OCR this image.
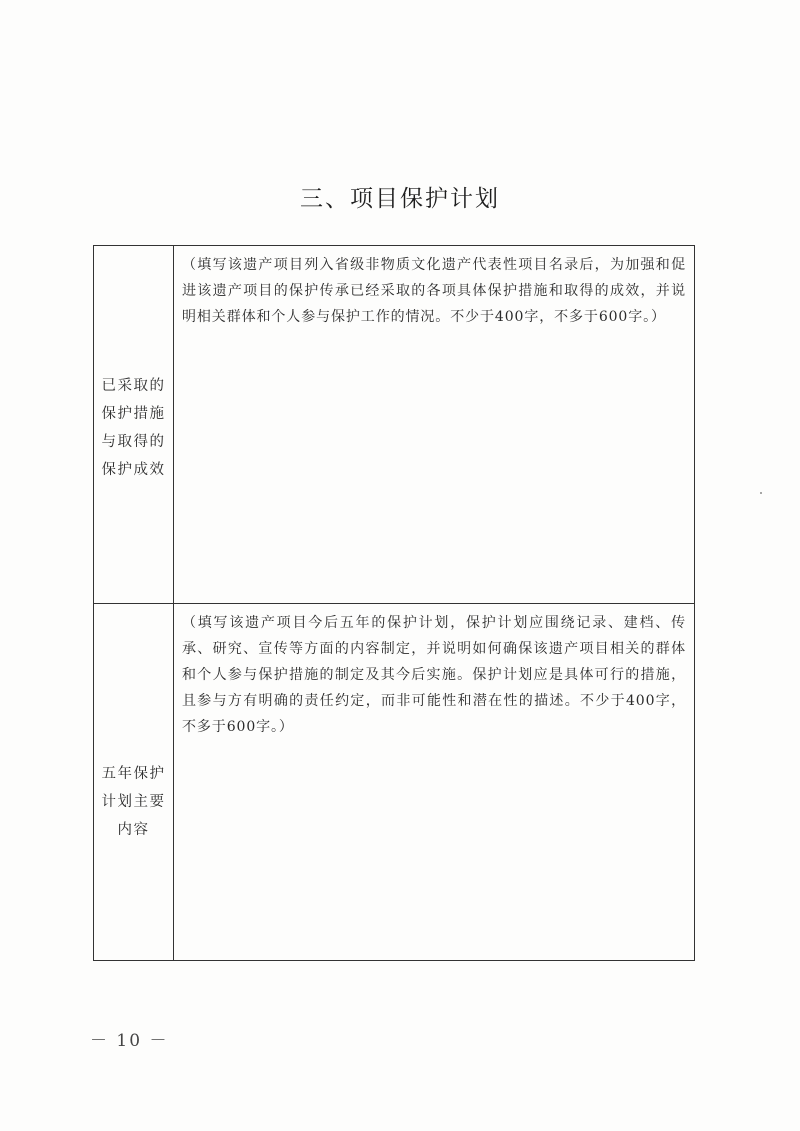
三、项目保护计划
已采取的
保护措施
与取得的
保护成效
（填写该遗产项目列入省级非物质文化遗产代表性项目名录后，为加强和促进该遗产项目的保护传承已经采取的各项具体保护措施和取得的成效，并说明相关群体和个人参与保护工作的情况。不少于400字，不多于600字。）
五年保护
计划主要
内容
（填写该遗产项目今后五年的保护计划，保护计划应围绕记录、建档、传承、研究、宣传等方面的内容制定，并说明如何确保该遗产项目相关的群体和个人参与保护措施的制定及其今后实施。保护计划应是具体可行的措施，且参与方有明确的责任约定，而非可能性和潜在性的描述。不少于400字，不多于600字。）
－ 10 －
